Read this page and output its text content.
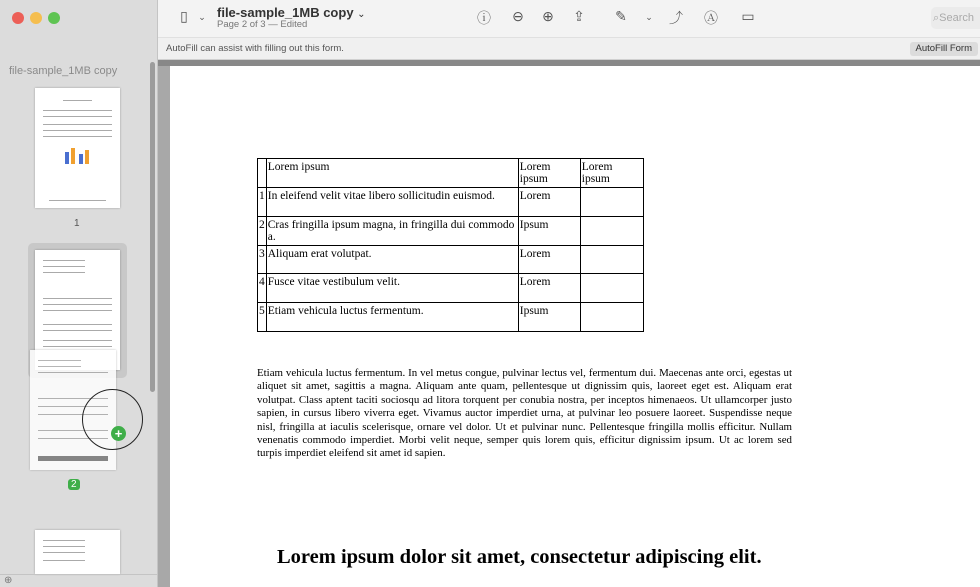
file-sample_1MB copy
1
+
2
⊕
▯	⌄ file-sample_1MB copy ⌄
Page 2 of 3 — Edited	ⓘ ⊖ ⊕ ⇪ ✎	⌄	⤴ Ⓐ ▭	⌕Search
AutoFill can assist with filling out this form.	AutoFill Form
	Lorem ipsum	Lorem ipsum	Lorem ipsum
1	In eleifend velit vitae libero sollicitudin euismod.	Lorem	
2	Cras fringilla ipsum magna, in fringilla dui commodo a.	Ipsum	
3	Aliquam erat volutpat.	Lorem	
4	Fusce vitae vestibulum velit.	Lorem	
5	Etiam vehicula luctus fermentum.	Ipsum	
Etiam vehicula luctus fermentum. In vel metus congue, pulvinar lectus vel, fermentum dui. Maecenas ante orci, egestas ut aliquet sit amet, sagittis a magna. Aliquam ante quam, pellentesque ut dignissim quis, laoreet eget est. Aliquam erat volutpat. Class aptent taciti sociosqu ad litora torquent per conubia nostra, per inceptos himenaeos. Ut ullamcorper justo sapien, in cursus libero viverra eget. Vivamus auctor imperdiet urna, at pulvinar leo posuere laoreet. Suspendisse neque nisl, fringilla at iaculis scelerisque, ornare vel dolor. Ut et pulvinar nunc. Pellentesque fringilla mollis efficitur. Nullam venenatis commodo imperdiet. Morbi velit neque, semper quis lorem quis, efficitur dignissim ipsum. Ut ac lorem sed turpis imperdiet eleifend sit amet id sapien.
Lorem ipsum dolor sit amet, consectetur adipiscing elit.
